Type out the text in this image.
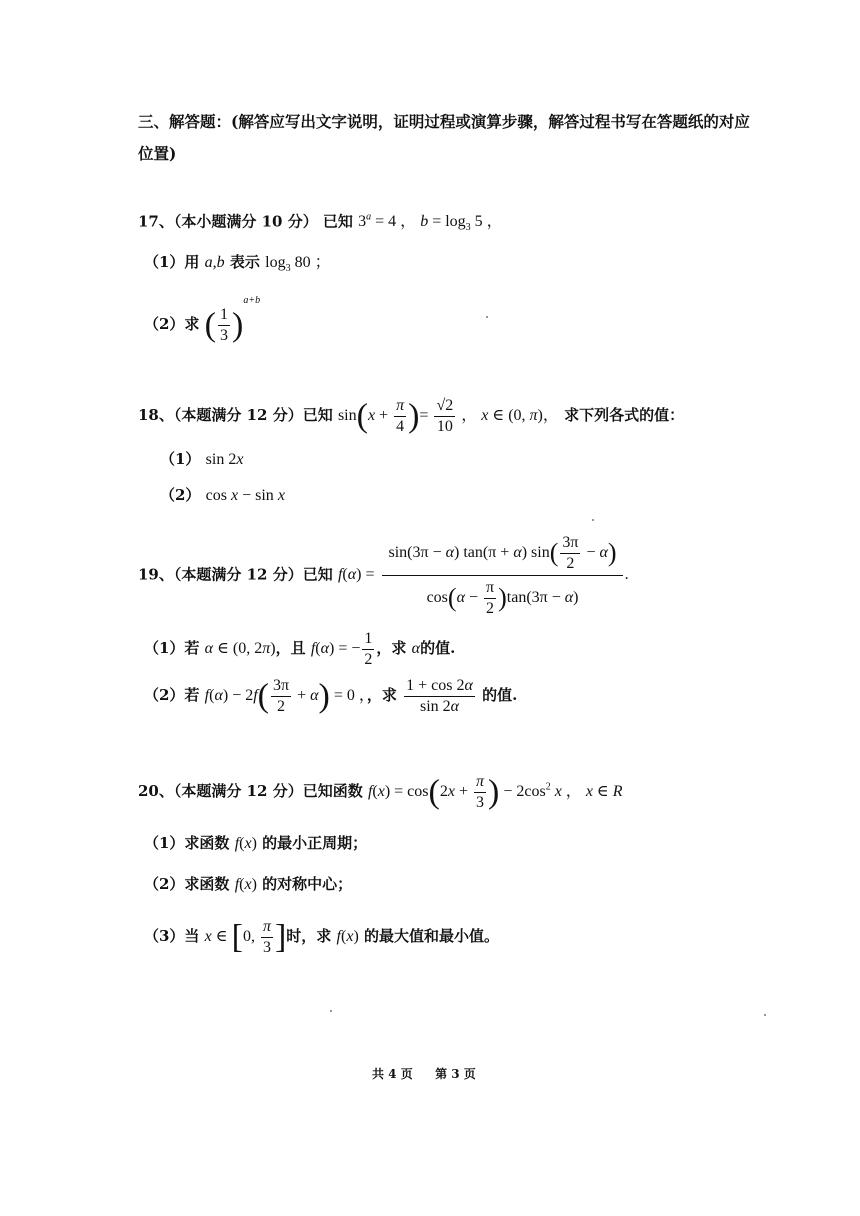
三、解答题：(解答应写出文字说明，证明过程或演算步骤，解答过程书写在答题纸的对应
位置)
17、（本小题满分 10 分） 已知 $3^a = 4$ ， $b = \log_3 5$ ，
（1）用 a,b 表示 $\log_3 80$ ；
（2）求 ( $\frac{1}{3} )^{a+b}$
18、（本题满分 12 分）已知 $\sin(x + \frac{\pi}{4}$ )= $\frac{√2}{10}$ ， x ∈ (0, π)， 求下列各式的值：
（1） sin 2x
（2） cos x − sin x
19、（本题满分 12 分）已知 $f(\alpha) = \frac{\sin(3\pi - \alpha) \tan(\pi + \alpha) \sin( \frac{3\pi}{2} - \alpha)}{\cos(\alpha - \frac{\pi}{2} )\tan(3\pi - \alpha)}$ .
（1）若 α ∈ (0, 2π)，且 f(α) = − $\frac{1}{2}$ ，求 α的值.
（2）若 $f(\alpha) - 2f( \frac{3\pi}{2} + \alpha) = 0$ ，，求 $\frac{1 + \cos 2\alpha}{\sin 2\alpha}$ 的值.
20、（本题满分 12 分）已知函数 $f(x) = \cos(2x + \frac{\pi}{3}$ ) − $2\cos^2$ x ， x ∈ R
（1）求函数 f(x) 的最小正周期；
（2）求函数 f(x) 的对称中心；
（3）当 x ∈ [0, $\frac{\pi}{3}$ ]时，求 f(x) 的最大值和最小值。
共 4 页 第 3 页
